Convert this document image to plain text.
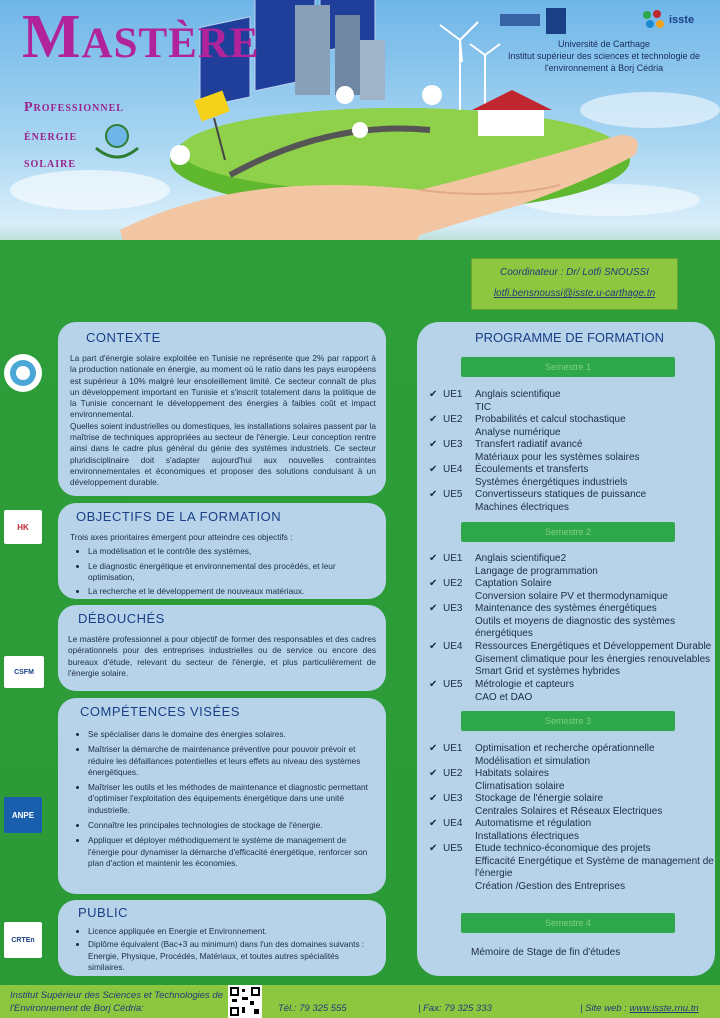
Mastère
Professionnel
énergie
solaire
isste
Université de Carthage
Institut supérieur des sciences et technologie de
l'environnement à Borj Cédria
Coordinateur : Dr/ Lotfi SNOUSSI
lotfi.bensnoussi@isste.u-carthage.tn
HK
CSFM
ANPE
CRTEn
CONTEXTE
La part d'énergie solaire exploitée en Tunisie ne représente que 2% par rapport à la production nationale en énergie, au moment où le ratio dans les pays européens est supérieur à 10% malgré leur ensoleillement limité. Ce secteur connaît de plus un développement important en Tunisie et s'inscrit totalement dans la politique de la Tunisie concernant le développement des énergies à faibles coût et impact environnemental.
Quelles soient industrielles ou domestiques, les installations solaires passent par la maîtrise de techniques appropriées au secteur de l'énergie. Leur conception rentre ainsi dans le cadre plus général du génie des systèmes industriels. Ce secteur pluridisciplinaire doit s'adapter aujourd'hui aux nouvelles contraintes environnementales et économiques et proposer des solutions conduisant à un développement durable.
OBJECTIFS DE LA FORMATION
Trois axes prioritaires émergent pour atteindre ces objectifs :
• La modélisation et le contrôle des systèmes,
• Le diagnostic énergétique et environnemental des procédés, et leur optimisation,
• La recherche et le développement de nouveaux matériaux.
DÉBOUCHÉS
Le mastère professionnel a pour objectif de former des responsables et des cadres opérationnels pour des entreprises industrielles ou de service ou encore des bureaux d'étude, relevant du secteur de l'énergie, et plus particulièrement de l'énergie solaire.
COMPÉTENCES VISÉES
• Se spécialiser dans le domaine des énergies solaires.
• Maîtriser la démarche de maintenance préventive pour pouvoir prévoir et réduire les défaillances potentielles et leurs effets au niveau des systèmes énergétiques.
• Maîtriser les outils et les méthodes de maintenance et diagnostic permettant d'optimiser l'exploitation des équipements énergétique dans une unité industrielle.
• Connaître les principales technologies de stockage de l'énergie.
• Appliquer et déployer méthodiquement le système de management de l'énergie pour dynamiser la démarche d'efficacité énergétique, renforcer son plan d'action et maintenir les économies.
PUBLIC
• Licence appliquée en Energie et Environnement.
• Diplôme équivalent (Bac+3 au minimum) dans l'un des domaines suivants : Energie, Physique, Procédés, Matériaux, et toutes autres spécialités similaires.
PROGRAMME DE FORMATION
Semestre 1
✔ UE1 Anglais scientifique
TIC
✔ UE2 Probabilités et calcul stochastique
Analyse numérique
✔ UE3 Transfert radiatif avancé
Matériaux pour les systèmes solaires
✔ UE4 Écoulements et transferts
Systèmes énergétiques industriels
✔ UE5 Convertisseurs statiques de puissance
Machines électriques
Semestre 2
✔ UE1 Anglais scientifique2
Langage de programmation
✔ UE2 Captation Solaire
Conversion solaire PV et thermodynamique
✔ UE3 Maintenance des systèmes énergétiques
Outils et moyens de diagnostic des systèmes
énergétiques
✔ UE4 Ressources Energétiques et Développement Durable
Gisement climatique pour les énergies renouvelables
Smart Grid et systèmes hybrides
✔ UE5 Métrologie et capteurs
CAO et DAO
Semestre 3
✔ UE1 Optimisation et recherche opérationnelle
Modélisation et simulation
✔ UE2 Habitats solaires
Climatisation solaire
✔ UE3 Stockage de l'énergie solaire
Centrales Solaires et Réseaux Electriques
✔ UE4 Automatisme et régulation
Installations électriques
✔ UE5 Etude technico-économique des projets
Efficacité Energétique et Système de management de
l'énergie
Création /Gestion des Entreprises
Semestre 4
Mémoire de Stage de fin d'études
Institut Supérieur des Sciences et Technologies de
l'Environnement de Borj Cédria:	Tél.: 79 325 555	| Fax: 79 325 333	| Site web : www.isste.rnu.tn
